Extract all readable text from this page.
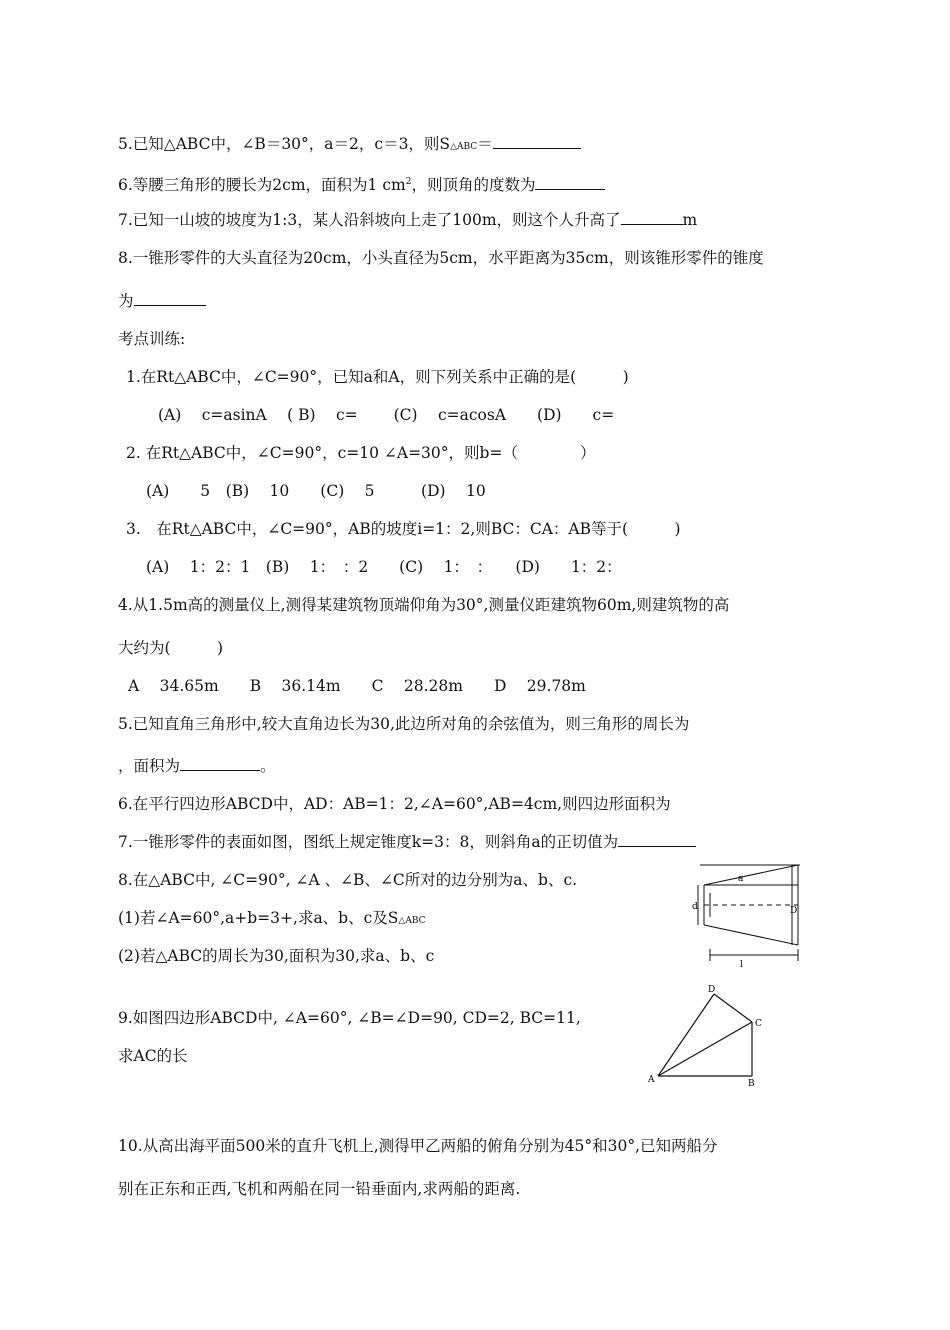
5.已知△ABC中，∠B＝30°，a＝2，c＝3，则S△ABC＝
6.等腰三角形的腰长为2cm，面积为1 $cm^2$，则顶角的度数为
7.已知一山坡的坡度为1:3，某人沿斜坡向上走了100m，则这个人升高了	m
8.一锥形零件的大头直径为20cm，小头直径为5cm，水平距离为35cm，则该锥形零件的锥度
为
考点训练:
1.在Rt△ABC中，∠C=90°，已知a和A，则下列关系中正确的是(　　　)
(A)　 c=asinA　 ( B)　 c=　　 (C)　 c=acosA　　(D)　　c=
2. 在Rt△ABC中，∠C=90°，c=10 ∠A=30°，则b=（　　　　）
(A)　　5　(B)　 10　　(C)　 5　　　(D)　 10
3.　在Rt△ABC中，∠C=90°，AB的坡度i=1：2,则BC：CA：AB等于(　　　)
(A)　 1：2：1　(B)　 1：　：2　　(C)　 1：　：　　(D)　　1：2：
4.从1.5m高的测量仪上,测得某建筑物顶端仰角为30°,测量仪距建筑物60m,则建筑物的高
大约为(　　　)
A　 34.65m　　B　 36.14m　　C　 28.28m　　D　 29.78m
5.已知直角三角形中,较大直角边长为30,此边所对角的余弦值为，则三角形的周长为
，面积为	。
6.在平行四边形ABCD中，AD：AB=1：2,∠A=60°,AB=4cm,则四边形面积为
7.一锥形零件的表面如图，图纸上规定锥度k=3：8，则斜角a的正切值为
8.在△ABC中, ∠C=90°, ∠A 、∠B、∠C所对的边分别为a、b、c.
(1)若∠A=60°,a+b=3+,求a、b、c及S△ABC
(2)若△ABC的周长为30,面积为30,求a、b、c
9.如图四边形ABCD中, ∠A=60°, ∠B=∠D=90, CD=2, BC=11,
求AC的长
10.从高出海平面500米的直升飞机上,测得甲乙两船的俯角分别为45°和30°,已知两船分
别在正东和正西,飞机和两船在同一铅垂面内,求两船的距离.
a
d	D
l
A	B
C
D
